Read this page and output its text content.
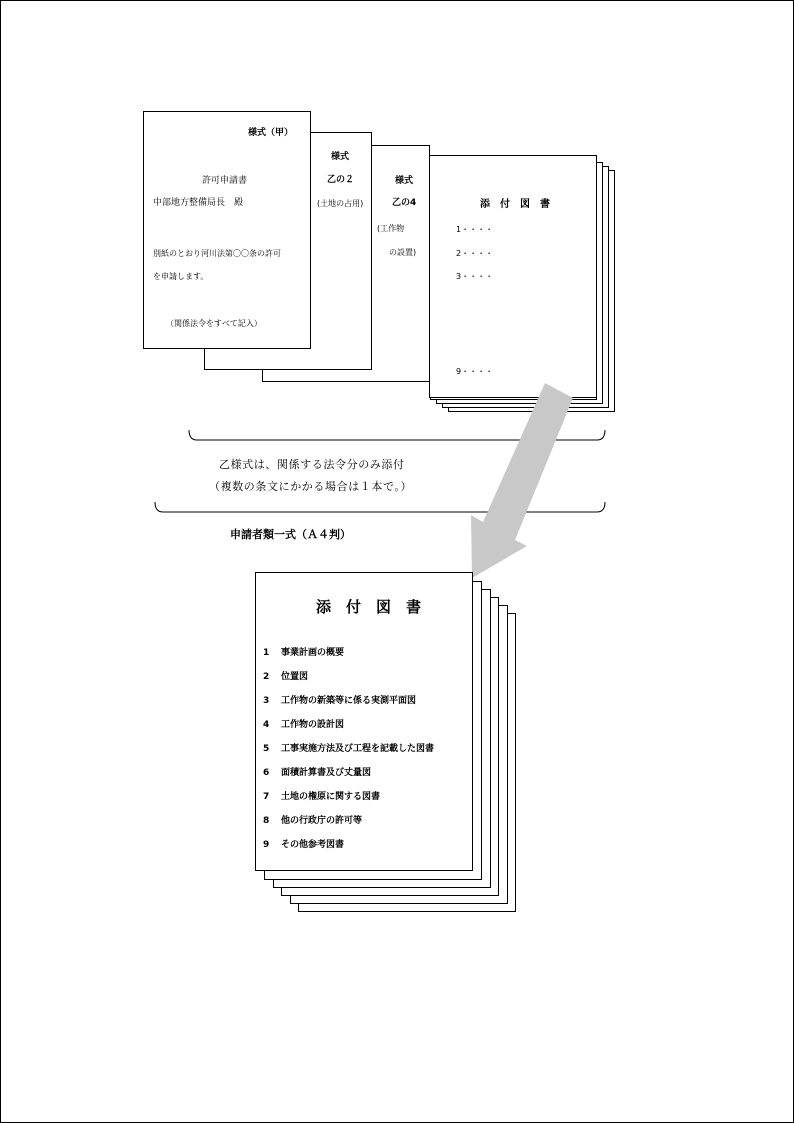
添　付　図　書
1・・・・
2・・・・
3・・・・
9・・・・
様式
乙の4
(工作物
の設置)
様式
乙の２
(土地の占用)
様式（甲）
許可申請書
中部地方整備局長　殿
別紙のとおり河川法第〇〇条の許可
を申請します。
（関係法令をすべて記入）
乙様式は、関係する法令分のみ添付
（複数の条文にかかる場合は１本で。）
申請者類一式（Ａ４判）
添　付　図　書
1 事業計画の概要
2 位置図
3 工作物の新築等に係る実測平面図
4 工作物の設計図
5 工事実施方法及び工程を記載した図書
6 面積計算書及び丈量図
7 土地の権原に関する図書
8 他の行政庁の許可等
9 その他参考図書
